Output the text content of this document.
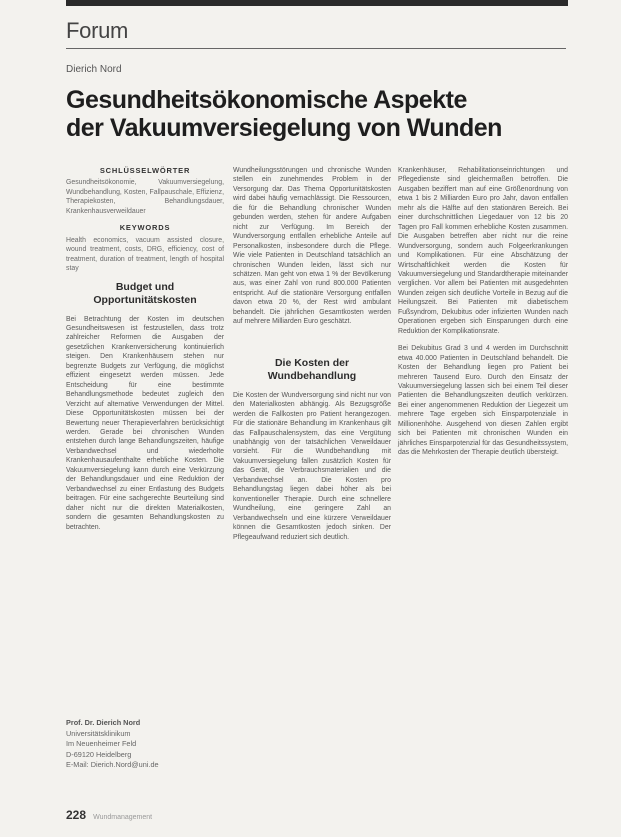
Forum
Dierich Nord
Gesundheitsökonomische Aspekte
der Vakuumversiegelung von Wunden
SCHLÜSSELWÖRTER

Gesundheitsökonomie, Vakuumversiegelung, Wundbehandlung, Kosten, Fallpauschale, Effizienz, Therapiekosten, Behandlungsdauer, Krankenhausverweildauer

KEYWORDS

Health economics, vacuum assisted closure, wound treatment, costs, DRG, efficiency, cost of treatment, duration of treatment, length of hospital stay

Budget und Opportunitätskosten

Bei Betrachtung der Kosten im deutschen Gesundheitswesen ist festzustellen, dass trotz zahlreicher Reformen die Ausgaben der gesetzlichen Krankenversicherung kontinuierlich steigen. Den Krankenhäusern stehen nur begrenzte Budgets zur Verfügung, die möglichst effizient eingesetzt werden müssen. Jede Entscheidung für eine bestimmte Behandlungsmethode bedeutet zugleich den Verzicht auf alternative Verwendungen der Mittel. Diese Opportunitätskosten müssen bei der Bewertung neuer Therapieverfahren berücksichtigt werden. Gerade bei chronischen Wunden entstehen durch lange Behandlungszeiten, häufige Verbandwechsel und wiederholte Krankenhausaufenthalte erhebliche Kosten. Die Vakuumversiegelung kann durch eine Verkürzung der Behandlungsdauer und eine Reduktion der Verbandwechsel zu einer Entlastung des Budgets beitragen. Für eine sachgerechte Beurteilung sind daher nicht nur die direkten Materialkosten, sondern die gesamten Behandlungskosten zu betrachten.

Prof. Dr. Dierich Nord
Universitätsklinikum
Im Neuenheimer Feld
D-69120 Heidelberg
E-Mail: Dierich.Nord@uni.de

Wundheilungsstörungen und chronische Wunden stellen ein zunehmendes Problem in der Versorgung dar. Das Thema Opportunitätskosten wird dabei häufig vernachlässigt. Die Ressourcen, die für die Behandlung chronischer Wunden gebunden werden, stehen für andere Aufgaben nicht zur Verfügung. Im Bereich der Wundversorgung entfallen erhebliche Anteile auf Personalkosten, insbesondere durch die Pflege. Wie viele Patienten in Deutschland tatsächlich an chronischen Wunden leiden, lässt sich nur schätzen. Man geht von etwa 1 % der Bevölkerung aus, was einer Zahl von rund 800.000 Patienten entspricht. Auf die stationäre Versorgung entfallen davon etwa 20 %, der Rest wird ambulant behandelt. Die jährlichen Gesamtkosten werden auf mehrere Milliarden Euro geschätzt.

Die Kosten der Wundbehandlung

Die Kosten der Wundversorgung sind nicht nur von den Materialkosten abhängig. Als Bezugsgröße werden die Fallkosten pro Patient herangezogen. Für die stationäre Behandlung im Krankenhaus gilt das Fallpauschalensystem, das eine Vergütung unabhängig von der tatsächlichen Verweildauer vorsieht. Für die Wundbehandlung mit Vakuumversiegelung fallen zusätzlich Kosten für das Gerät, die Verbrauchsmaterialien und die Verbandwechsel an. Die Kosten pro Behandlungstag liegen dabei höher als bei konventioneller Therapie. Durch eine schnellere Wundheilung, eine geringere Zahl an Verbandwechseln und eine kürzere Verweildauer können die Gesamtkosten jedoch sinken. Der Pflegeaufwand reduziert sich deutlich.

Krankenhäuser, Rehabilitationseinrichtungen und Pflegedienste sind gleichermaßen betroffen. Die Ausgaben beziffert man auf eine Größenordnung von etwa 1 bis 2 Milliarden Euro pro Jahr, davon entfallen mehr als die Hälfte auf den stationären Bereich. Bei einer durchschnittlichen Liegedauer von 12 bis 20 Tagen pro Fall kommen erhebliche Kosten zusammen. Die Ausgaben betreffen aber nicht nur die reine Wundversorgung, sondern auch Folgeerkrankungen und Komplikationen. Für eine Abschätzung der Wirtschaftlichkeit werden die Kosten für Vakuumversiegelung und Standardtherapie miteinander verglichen. Vor allem bei Patienten mit ausgedehnten Wunden zeigen sich deutliche Vorteile in Bezug auf die Heilungszeit. Bei Patienten mit diabetischem Fußsyndrom, Dekubitus oder infizierten Wunden nach Operationen ergeben sich Einsparungen durch eine Reduktion der Komplikationsrate.

Bei Dekubitus Grad 3 und 4 werden im Durchschnitt etwa 40.000 Patienten in Deutschland behandelt. Die Kosten der Behandlung liegen pro Patient bei mehreren Tausend Euro. Durch den Einsatz der Vakuumversiegelung lassen sich bei einem Teil dieser Patienten die Behandlungszeiten deutlich verkürzen. Bei einer angenommenen Reduktion der Liegezeit um mehrere Tage ergeben sich Einsparpotenziale in Millionenhöhe. Ausgehend von diesen Zahlen ergibt sich bei Patienten mit chronischen Wunden ein jährliches Einsparpotenzial für das Gesundheitssystem, das die Mehrkosten der Therapie deutlich übersteigt.

228 Wundmanagement
